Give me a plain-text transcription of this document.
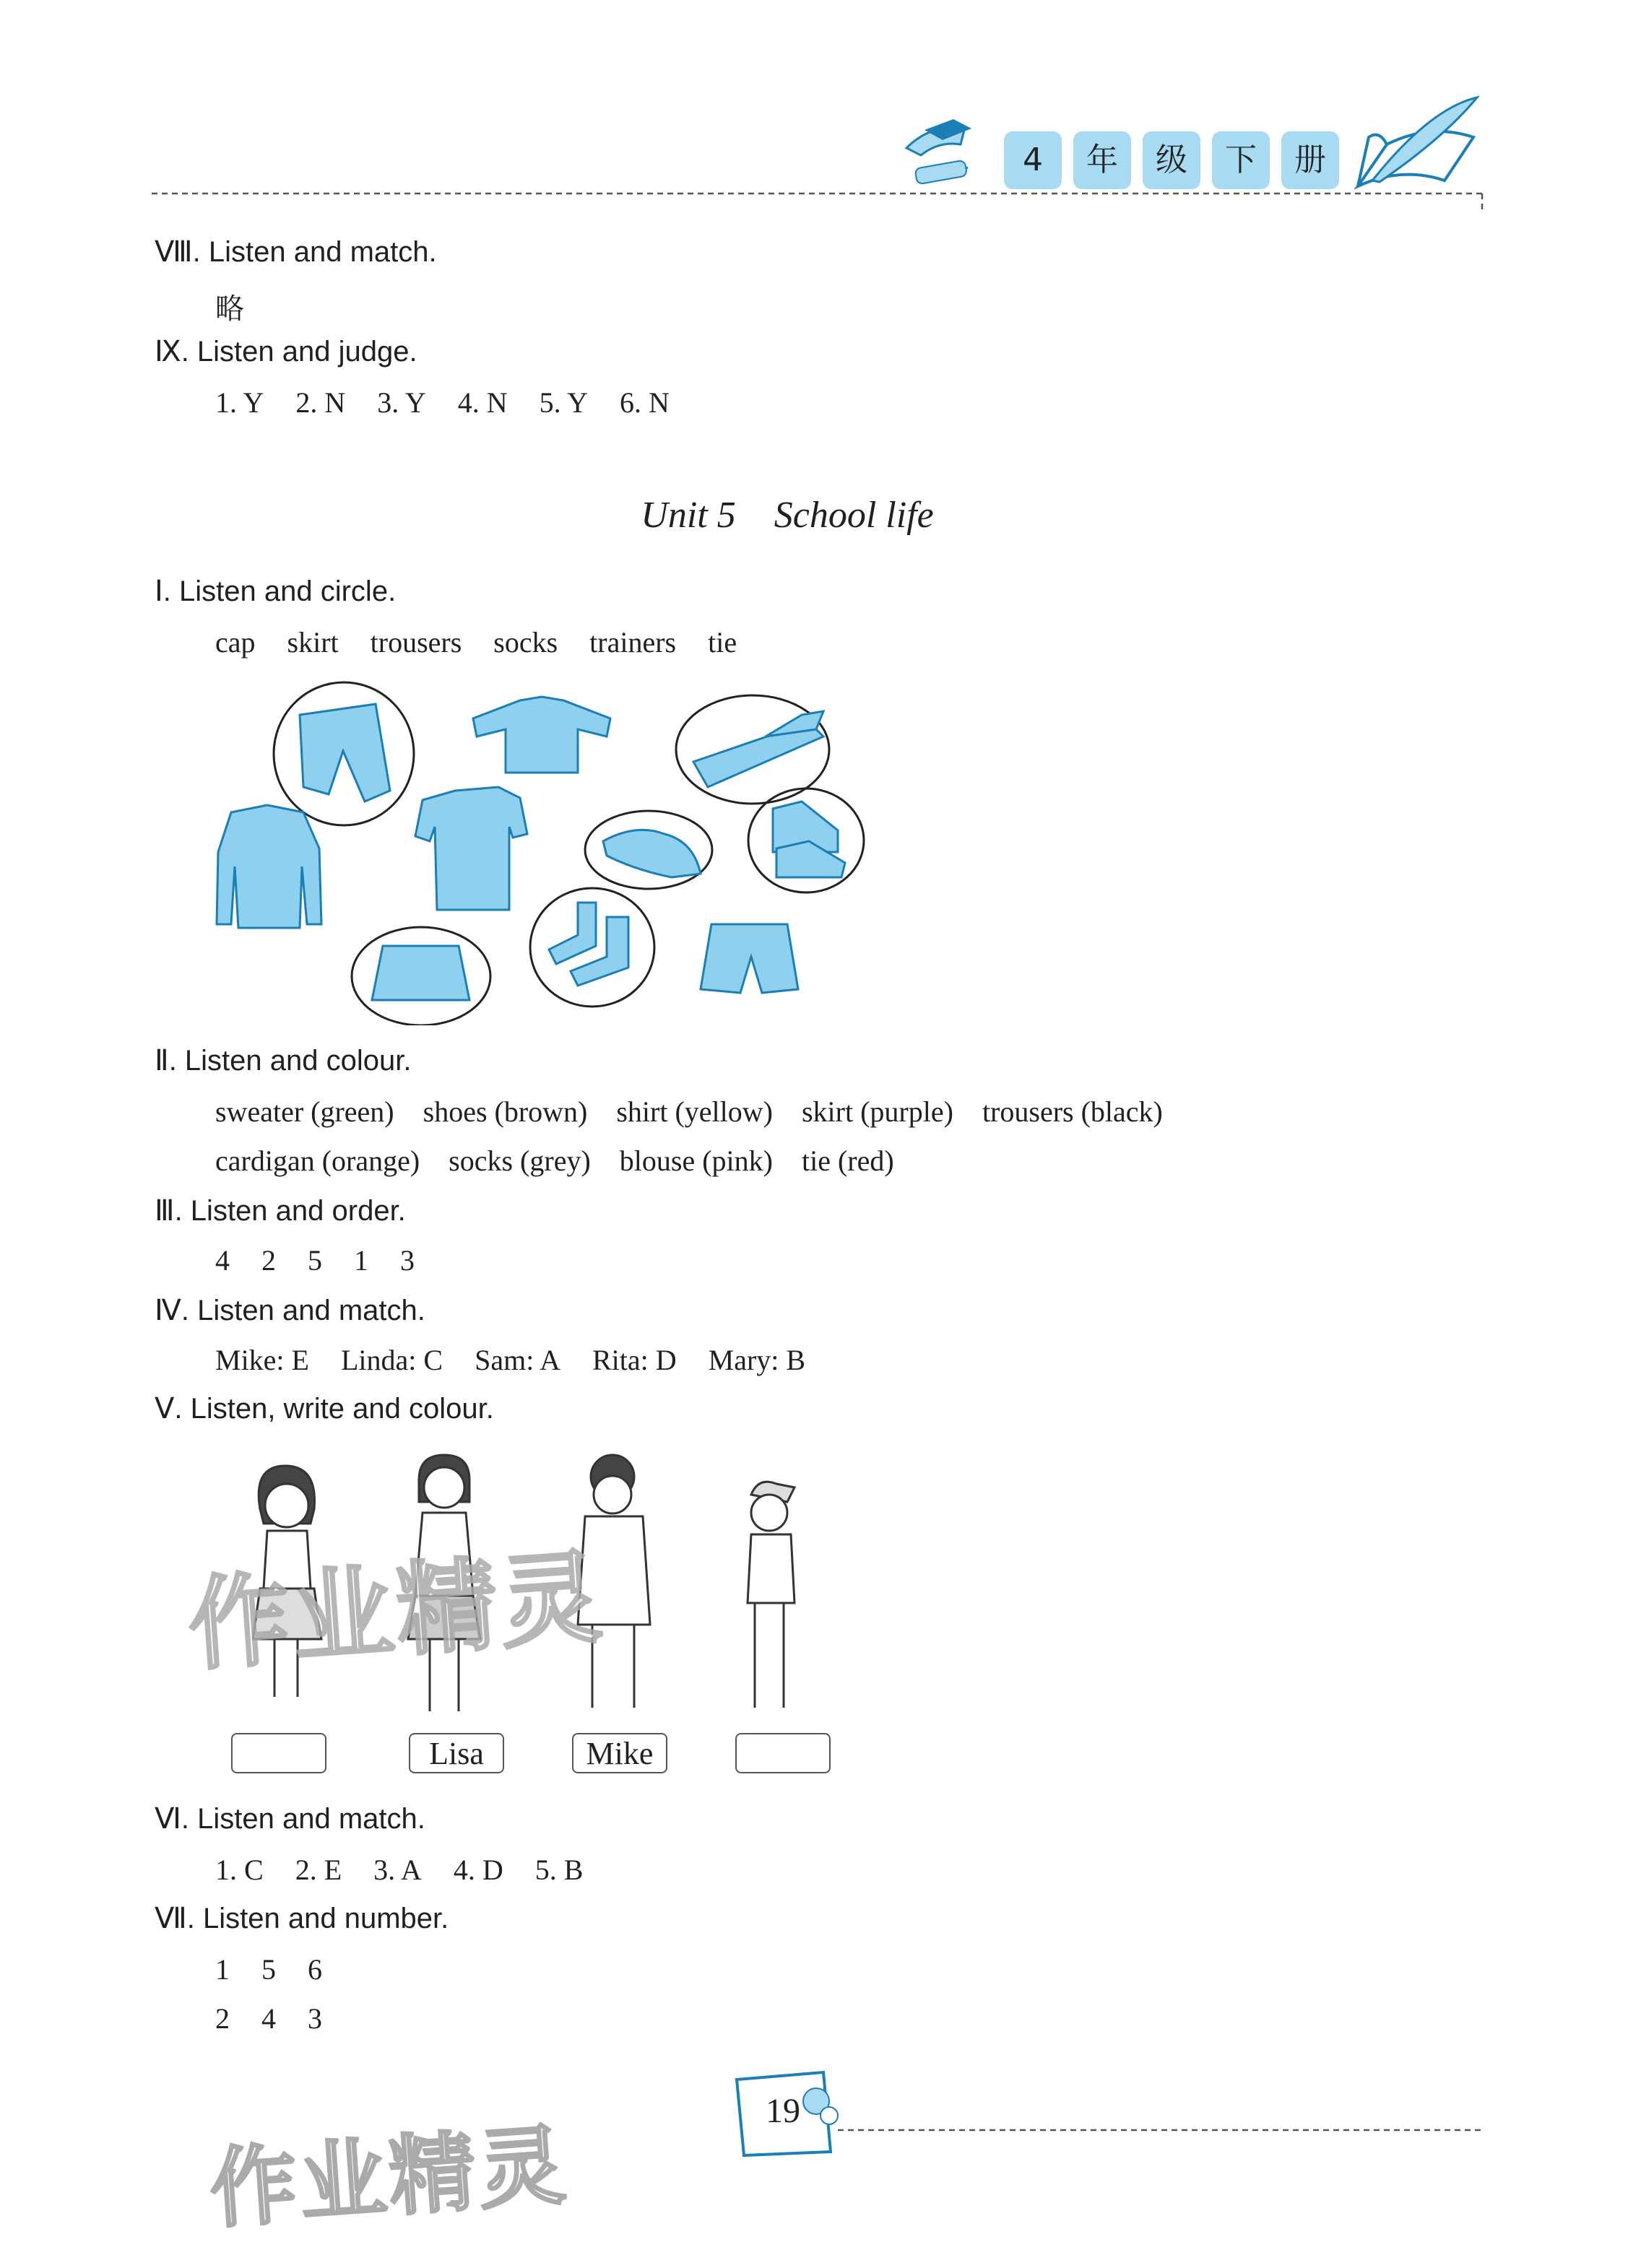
4	年	级	下	册
Ⅷ. Listen and match.
略
Ⅸ. Listen and judge.
1. Y 2. N 3. Y 4. N 5. Y 6. N
Unit 5 School life
Ⅰ. Listen and circle.
cap skirt trousers socks trainers tie
Ⅱ. Listen and colour.
sweater (green) shoes (brown) shirt (yellow) skirt (purple) trousers (black)
cardigan (orange) socks (grey) blouse (pink) tie (red)
Ⅲ. Listen and order.
4 2 5 1 3
Ⅳ. Listen and match.
Mike: E Linda: C Sam: A Rita: D Mary: B
Ⅴ. Listen, write and colour.
Lisa	Mike
Ⅵ. Listen and match.
1. C 2. E 3. A 4. D 5. B
Ⅶ. Listen and number.
1 5 6
2 4 3
19
作业精灵
作业精灵
